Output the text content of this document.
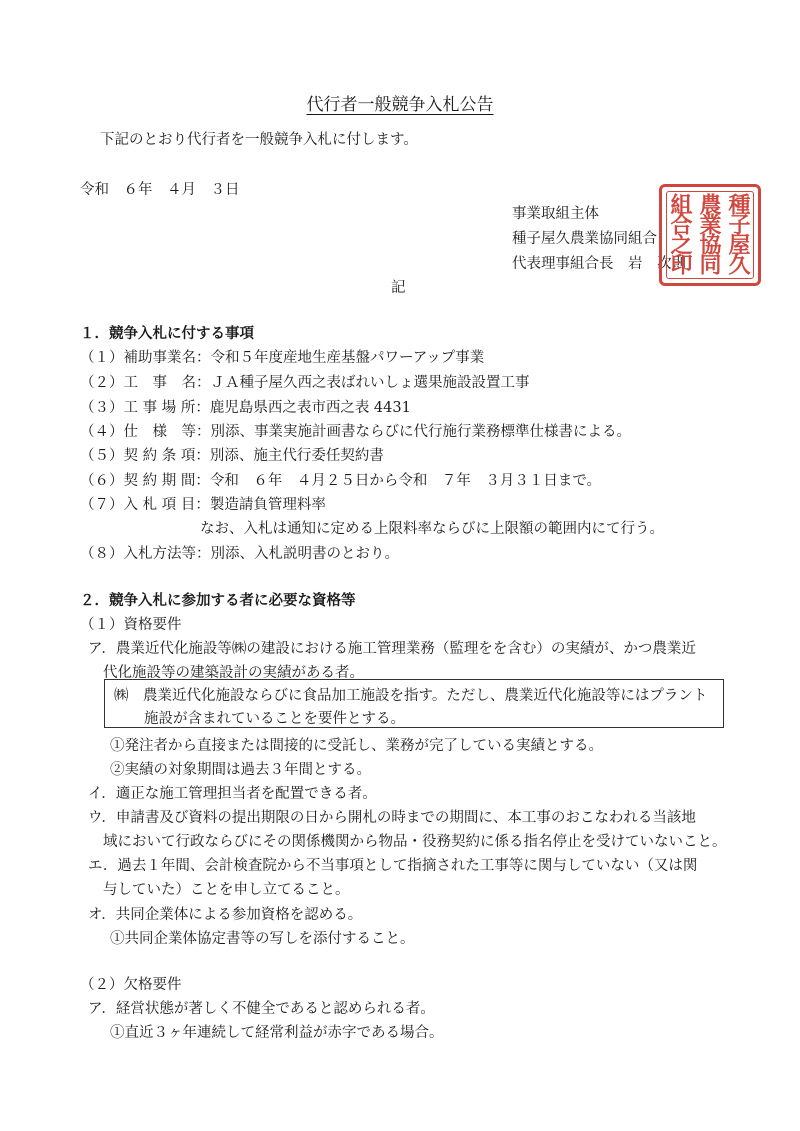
代行者一般競争入札公告
下記のとおり代行者を一般競争入札に付します。
令和　６年　４月　３日
事業取組主体
種子屋久農業協同組合
代表理事組合長　岩　次則 種子屋久
農業協同
組合之印
記
１．競争入札に付する事項
（１）補助事業名：令和５年度産地生産基盤パワーアップ事業
（２）工　事　名：ＪＡ種子屋久西之表ばれいしょ選果施設設置工事
（３）工 事 場 所：鹿児島県西之表市西之表 4431
（４）仕　様　等：別添、事業実施計画書ならびに代行施行業務標準仕様書による。
（５）契 約 条 項：別添、施主代行委任契約書
（６）契 約 期 間：令和　６年　４月２５日から令和　７年　３月３１日まで。
（７）入 札 項 目：製造請負管理料率
なお、入札は通知に定める上限料率ならびに上限額の範囲内にて行う。
（８）入札方法等：別添、入札説明書のとおり。
２．競争入札に参加する者に必要な資格等
（１）資格要件
ア．農業近代化施設等㈱の建設における施工管理業務（監理をを含む）の実績が、かつ農業近
代化施設等の建築設計の実績がある者。
㈱　農業近代化施設ならびに食品加工施設を指す。ただし、農業近代化施設等にはプラント
施設が含まれていることを要件とする。
①発注者から直接または間接的に受託し、業務が完了している実績とする。
②実績の対象期間は過去３年間とする。
イ．適正な施工管理担当者を配置できる者。
ウ．申請書及び資料の提出期限の日から開札の時までの期間に、本工事のおこなわれる当該地
域において行政ならびにその関係機関から物品・役務契約に係る指名停止を受けていないこと。
エ．過去１年間、会計検査院から不当事項として指摘された工事等に関与していない（又は関
与していた）ことを申し立てること。
オ．共同企業体による参加資格を認める。
①共同企業体協定書等の写しを添付すること。
（２）欠格要件
ア．経営状態が著しく不健全であると認められる者。
①直近３ヶ年連続して経常利益が赤字である場合。
